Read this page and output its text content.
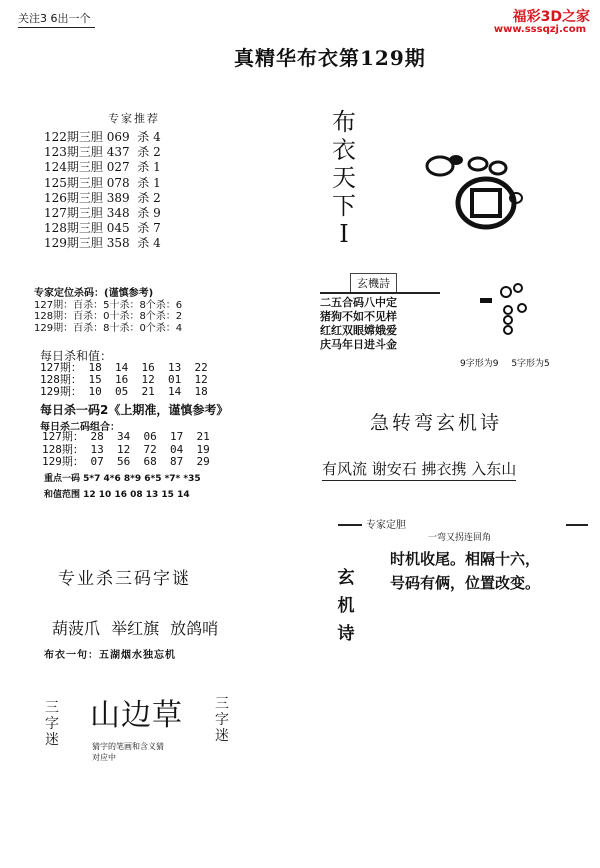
关注3 6出一个	福彩3D之家
www.sssqzj.com
真精华布衣第129期
专家推荐
122期三胆 069  杀 4
123期三胆 437  杀 2
124期三胆 027  杀 1
125期三胆 078  杀 1
126期三胆 389  杀 2
127期三胆 348  杀 9
128期三胆 045  杀 7
129期三胆 358  杀 4
布
衣
天
下
I
玄機詩
二五合码八中定
猪狗不如不见样
红红双眼嫦娥爱
庆马年日进斗金
9字形为9 5字形为5
专家定位杀码：(谨慎参考)
127期：百杀：5十杀：8个杀：6
128期：百杀：0十杀：8个杀：2
129期：百杀：8十杀：0个杀：4
每日杀和值：
127期： 18  14  16  13  22
128期： 15  16  12  01  12
129期： 10  05  21  14  18
每日杀一码2《上期准，谨慎参考》
每日杀二码组合：
127期： 28  34  06  17  21
128期： 13  12  72  04  19
129期： 07  56  68  87  29
重点一码 5*7 4*6 8*9 6*5 *7* *35
和值范围 12 10 16 08 13 15 14
急转弯玄机诗
有风流 谢安石 拂衣携 入东山
专家定胆
一弯又拐连回角
玄
机
诗
时机收尾。相隔十六，
号码有俩，位置改变。
专业杀三码字谜
葫菠爪 举红旗 放鸽哨
布衣一句：五湖烟水独忘机
三
字
迷
山边草 三
字
迷
猜字的笔画和含义猜
对应中
